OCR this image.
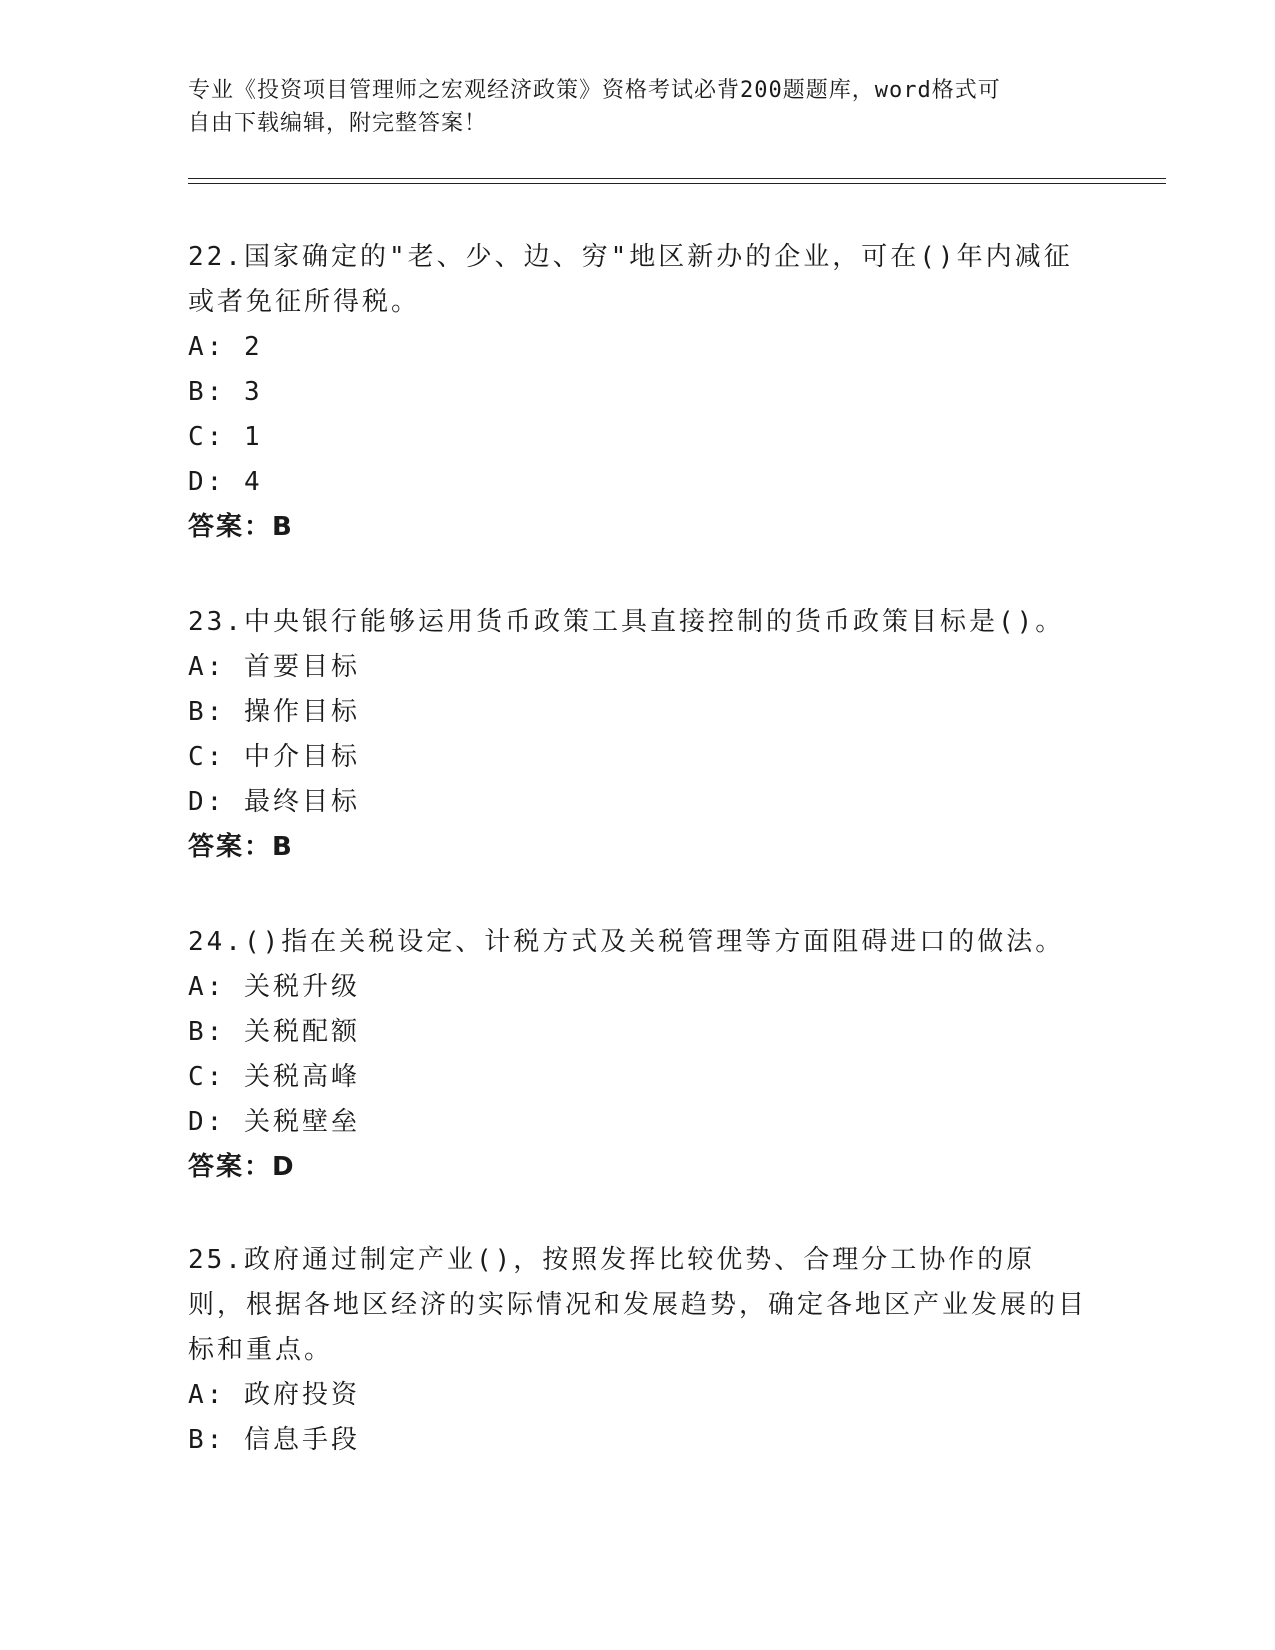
专业《投资项目管理师之宏观经济政策》资格考试必背200题题库，word格式可
自由下载编辑，附完整答案！

22.国家确定的"老、少、边、穷"地区新办的企业，可在()年内减征或者免征所得税。

A: 2

B: 3

C: 1

D: 4

答案：B

23.中央银行能够运用货币政策工具直接控制的货币政策目标是()。

A: 首要目标

B: 操作目标

C: 中介目标

D: 最终目标

答案：B

24.()指在关税设定、计税方式及关税管理等方面阻碍进口的做法。

A: 关税升级

B: 关税配额

C: 关税高峰

D: 关税壁垒

答案：D

25.政府通过制定产业()，按照发挥比较优势、合理分工协作的原则，根据各地区经济的实际情况和发展趋势，确定各地区产业发展的目标和重点。

A: 政府投资

B: 信息手段
